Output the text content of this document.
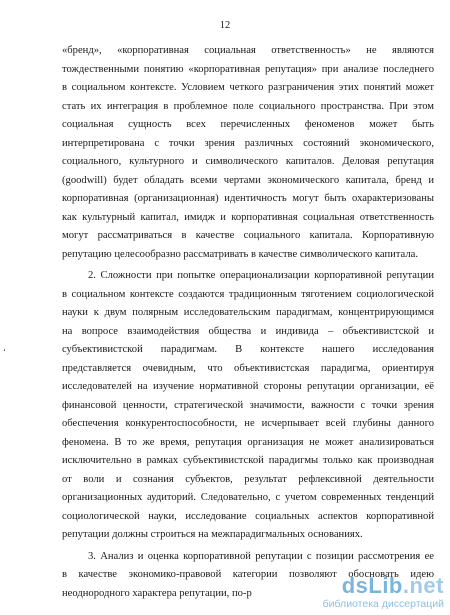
12
‘
«бренд», «корпоративная социальная ответственность» не являются
тождественными понятию «корпоративная репутация» при анализе последнего
в социальном контексте. Условием четкого разграничения этих понятий может
стать их интеграция в проблемное поле социального пространства. При этом
социальная сущность всех перечисленных феноменов может быть
интерпретирована с точки зрения различных состояний экономического,
социального, культурного и символического капиталов. Деловая репутация
(goodwill) будет обладать всеми чертами экономического капитала, бренд и
корпоративная (организационная) идентичность могут быть охарактеризованы
как культурный капитал, имидж и корпоративная социальная ответственность
могут рассматриваться в качестве социального капитала. Корпоративную
репутацию целесообразно рассматривать в качестве символического капитала.
2. Сложности при попытке операционализации корпоративной репутации
в социальном контексте создаются традиционным тяготением социологической
науки к двум полярным исследовательским парадигмам, концентрирующимся
на вопросе взаимодействия общества и индивида – объективистской и
субъективистской парадигмам. В контексте нашего исследования
представляется очевидным, что объективистская парадигма, ориентируя
исследователей на изучение нормативной стороны репутации организации, её
финансовой ценности, стратегической значимости, важности с точки зрения
обеспечения конкурентоспособности, не исчерпывает всей глубины данного
феномена. В то же время, репутация организация не может анализироваться
исключительно в рамках субъективистской парадигмы только как производная
от воли и сознания субъектов, результат рефлексивной деятельности
организационных аудиторий. Следовательно, с учетом современных тенденций
социологической науки, исследование социальных аспектов корпоративной
репутации должны строиться на межпарадигмальных основаниях.
3. Анализ и оценка корпоративной репутации с позиции рассмотрения ее
в качестве экономико-правовой категории позволяют обосновать идею
неоднородного характера репутации, по-р	dsLib.net
библиотека диссертаций
